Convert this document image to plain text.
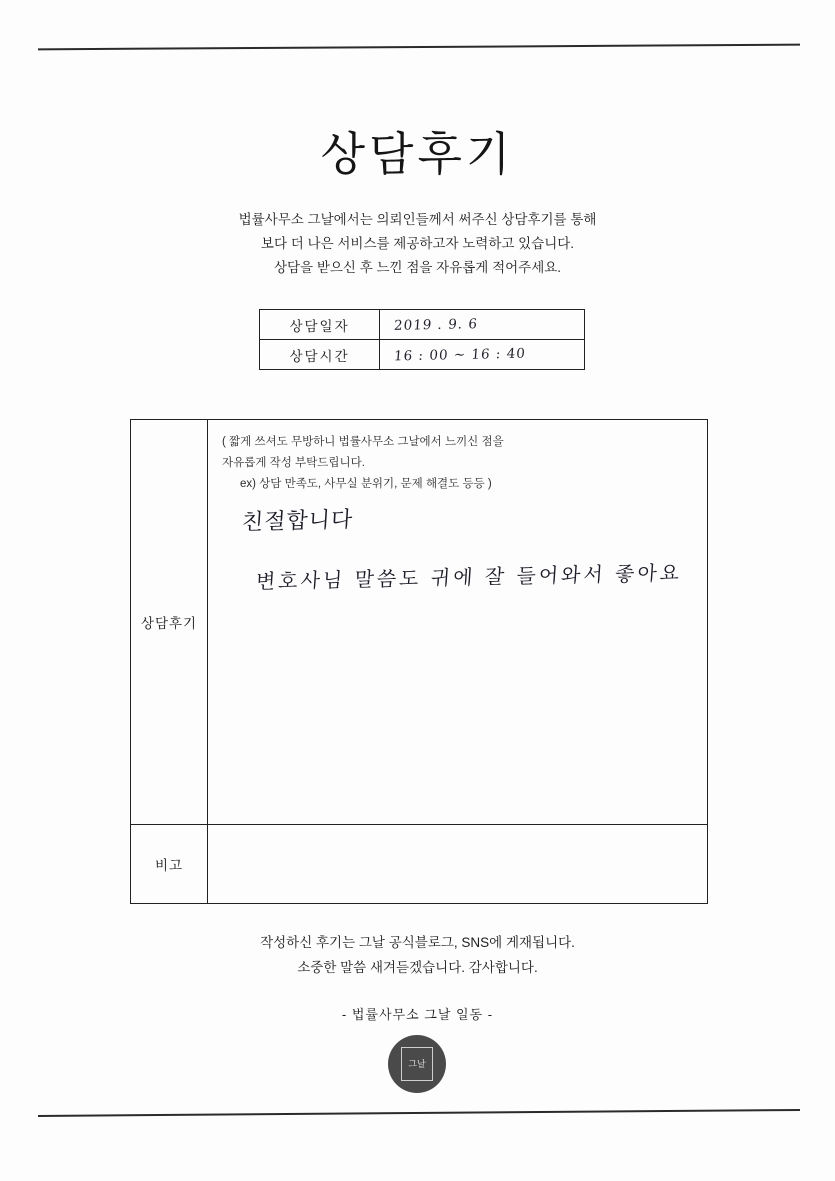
상담후기
법률사무소 그날에서는 의뢰인들께서 써주신 상담후기를 통해
보다 더 나은 서비스를 제공하고자 노력하고 있습니다.
상담을 받으신 후 느낀 점을 자유롭게 적어주세요.
상담일자	2019 . 9. 6
상담시간	16 : 00 ~ 16 : 40
상담후기	( 짧게 쓰셔도 무방하니 법률사무소 그날에서 느끼신 점을
자유롭게 작성 부탁드립니다.
ex) 상담 만족도, 사무실 분위기, 문제 해결도 등등 )
친절합니다
변호사님 말씀도 귀에 잘 들어와서 좋아요

비고	
작성하신 후기는 그날 공식블로그, SNS에 게재됩니다.
소중한 말씀 새겨듣겠습니다. 감사합니다.
- 법률사무소 그날 일동 -
그날
